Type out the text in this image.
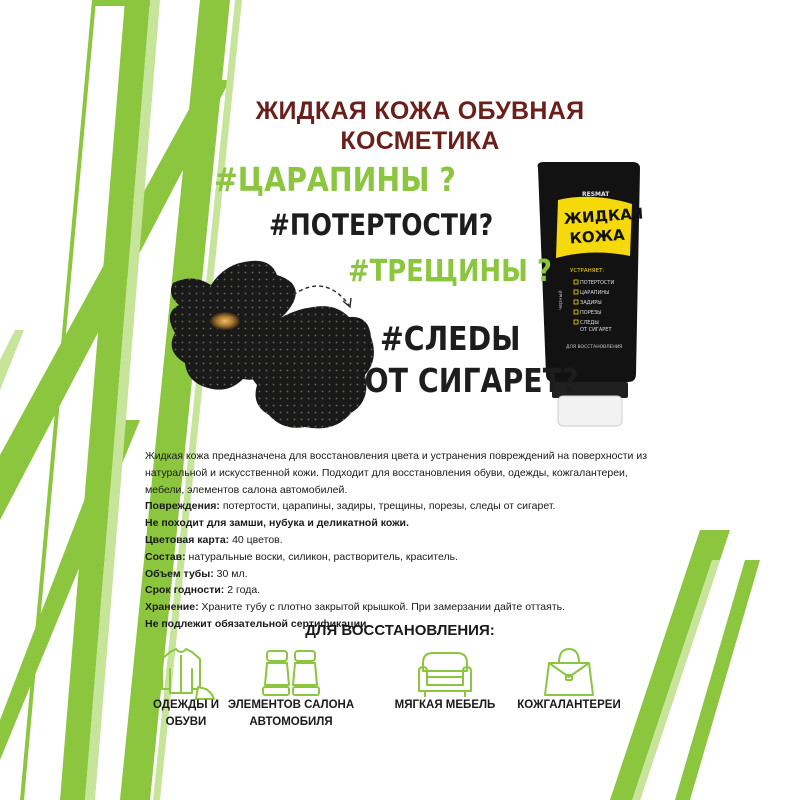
ЖИДКАЯ КОЖА ОБУВНАЯ
КОСМЕТИКА
#ЦАРАПИНЫ ?
#ПОТЕРТОСТИ?
#ТРЕЩИНЫ ?
#СЛЕDЫ
ОТ СИГАРЕТ?
RESMAT
ЖИДКАЯ
КОЖА
УСТРАНЯЕТ:
ПОТЕРТОСТИ
ЦАРАПИНЫ
ЗАДИРЫ
ПОРЕЗЫ
СЛЕДЫ
ОТ СИГАРЕТ
черный
ДЛЯ ВОССТАНОВЛЕНИЯ

Жидкая кожа предназначена для восстановления цвета и устранения повреждений на поверхности из натуральной и искусственной кожи. Подходит для восстановления обуви, одежды, кожгалантереи, мебели, элементов салона автомобилей.

Повреждения: потертости, царапины, задиры, трещины, порезы, следы от сигарет.

Не походит для замши, нубука и деликатной кожи.

Цветовая карта: 40 цветов.

Состав: натуральные воски, силикон, растворитель, краситель.

Объем тубы: 30 мл.

Срок годности: 2 года.

Хранение: Храните тубу с плотно закрытой крышкой. При замерзании дайте оттаять.

Не подлежит обязательной сертификации.

ДЛЯ ВОССТАНОВЛЕНИЯ:
ОДЕЖДЫ И
ОБУВИ
ЭЛЕМЕНТОВ САЛОНА
АВТОМОБИЛЯ
МЯГКАЯ МЕБЕЛЬ	КОЖГАЛАНТЕРЕИ
